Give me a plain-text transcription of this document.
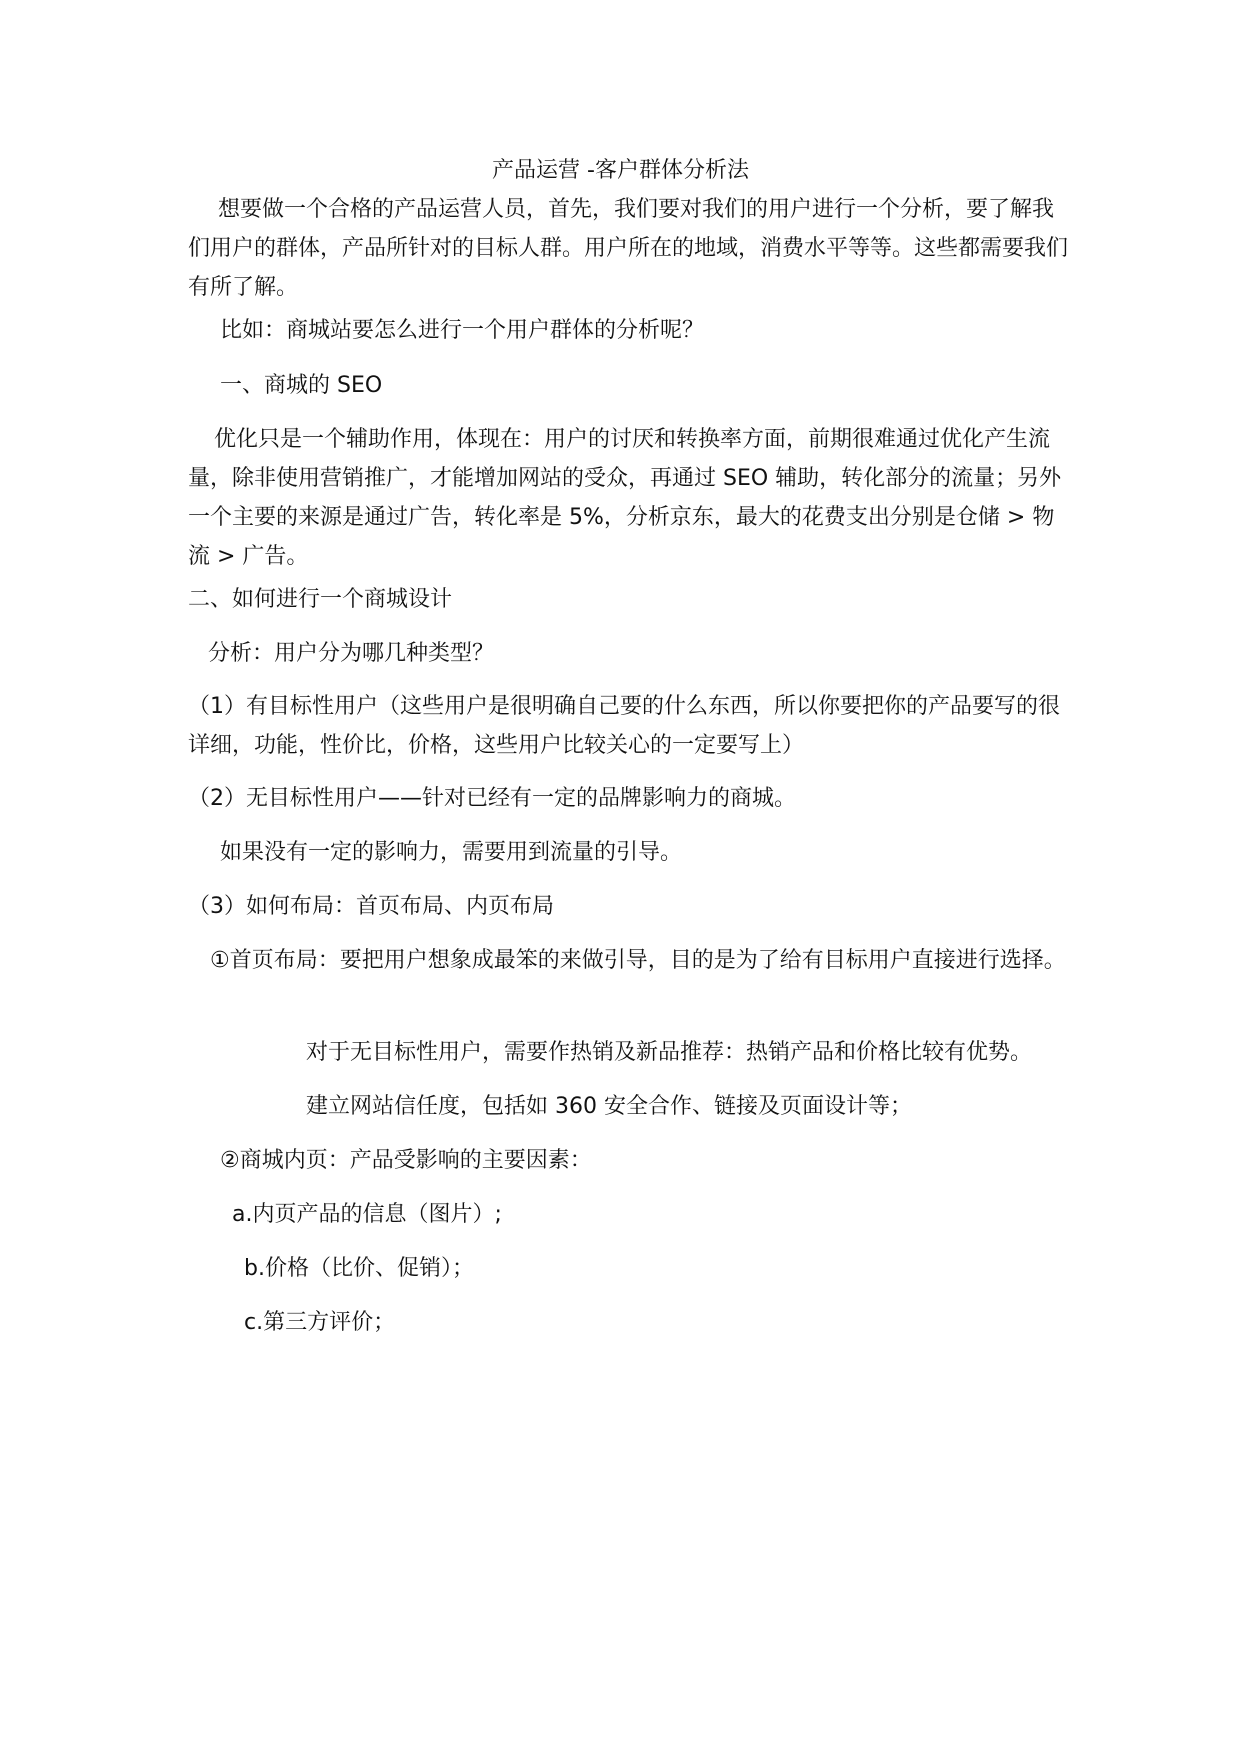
产品运营 -客户群体分析法

　想要做一个合格的产品运营人员，首先，我们要对我们的用户进行一个分析，要了解我们用户的群体，产品所针对的目标人群。用户所在的地域，消费水平等等。这些都需要我们有所了解。

比如：商城站要怎么进行一个用户群体的分析呢？

一、商城的 SEO

　优化只是一个辅助作用，体现在：用户的讨厌和转换率方面，前期很难通过优化产生流量，除非使用营销推广，才能增加网站的受众，再通过 SEO 辅助，转化部分的流量；另外一个主要的来源是通过广告，转化率是 5%，分析京东，最大的花费支出分别是仓储 > 物流 > 广告。

二、如何进行一个商城设计

分析：用户分为哪几种类型？

（1）有目标性用户（这些用户是很明确自己要的什么东西，所以你要把你的产品要写的很详细，功能，性价比，价格，这些用户比较关心的一定要写上）

（2）无目标性用户——针对已经有一定的品牌影响力的商城。

如果没有一定的影响力，需要用到流量的引导。

（3）如何布局：首页布局、内页布局

　①首页布局：要把用户想象成最笨的来做引导，目的是为了给有目标用户直接进行选择。

对于无目标性用户，需要作热销及新品推荐：热销产品和价格比较有优势。

建立网站信任度，包括如 360 安全合作、链接及页面设计等；

②商城内页：产品受影响的主要因素：

a.内页产品的信息（图片）;

b.价格（比价、促销）；

c.第三方评价；
